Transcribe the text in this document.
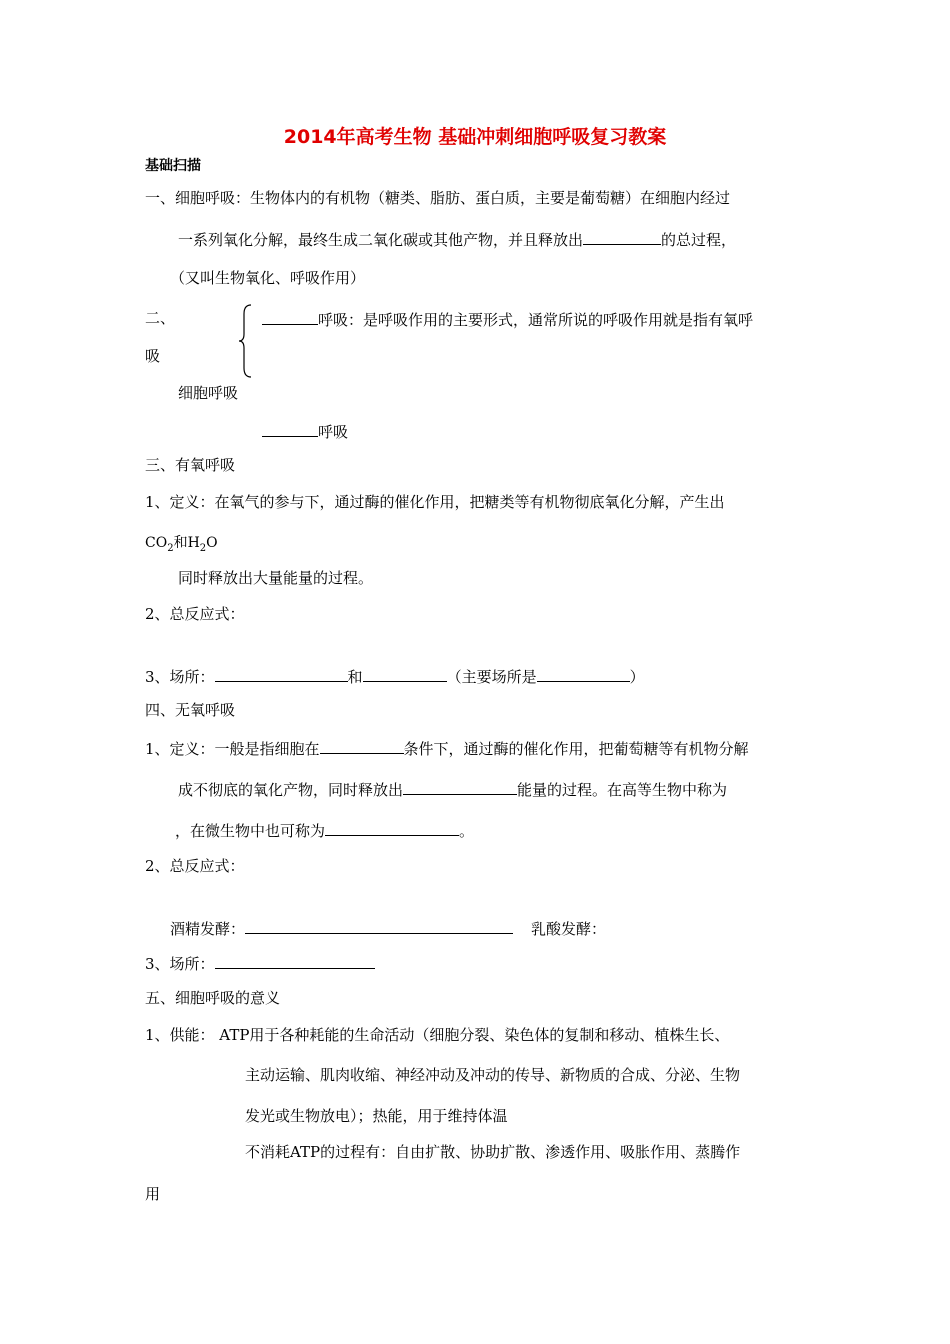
2014年高考生物 基础冲刺细胞呼吸复习教案
基础扫描
一、细胞呼吸：生物体内的有机物（糖类、脂肪、蛋白质，主要是葡萄糖）在细胞内经过
一系列氧化分解，最终生成二氧化碳或其他产物，并且释放出	的总过程，
（又叫生物氧化、呼吸作用）
二、	呼吸：是呼吸作用的主要形式，通常所说的呼吸作用就是指有氧呼
吸
细胞呼吸
呼吸
三、有氧呼吸
1、定义：在氧气的参与下，通过酶的催化作用，把糖类等有机物彻底氧化分解，产生出
$CO_2$和$H_2O$
同时释放出大量能量的过程。
2、总反应式：
3、场所：	和	（主要场所是	）
四、无氧呼吸
1、定义：一般是指细胞在	条件下，通过酶的催化作用，把葡萄糖等有机物分解
成不彻底的氧化产物，同时释放出	能量的过程。在高等生物中称为
，在微生物中也可称为	。
2、总反应式：
酒精发酵：	乳酸发酵：
3、场所：
五、细胞呼吸的意义
1、供能： ATP用于各种耗能的生命活动（细胞分裂、染色体的复制和移动、植株生长、
主动运输、肌肉收缩、神经冲动及冲动的传导、新物质的合成、分泌、生物
发光或生物放电）；热能，用于维持体温
不消耗ATP的过程有：自由扩散、协助扩散、渗透作用、吸胀作用、蒸腾作
用
